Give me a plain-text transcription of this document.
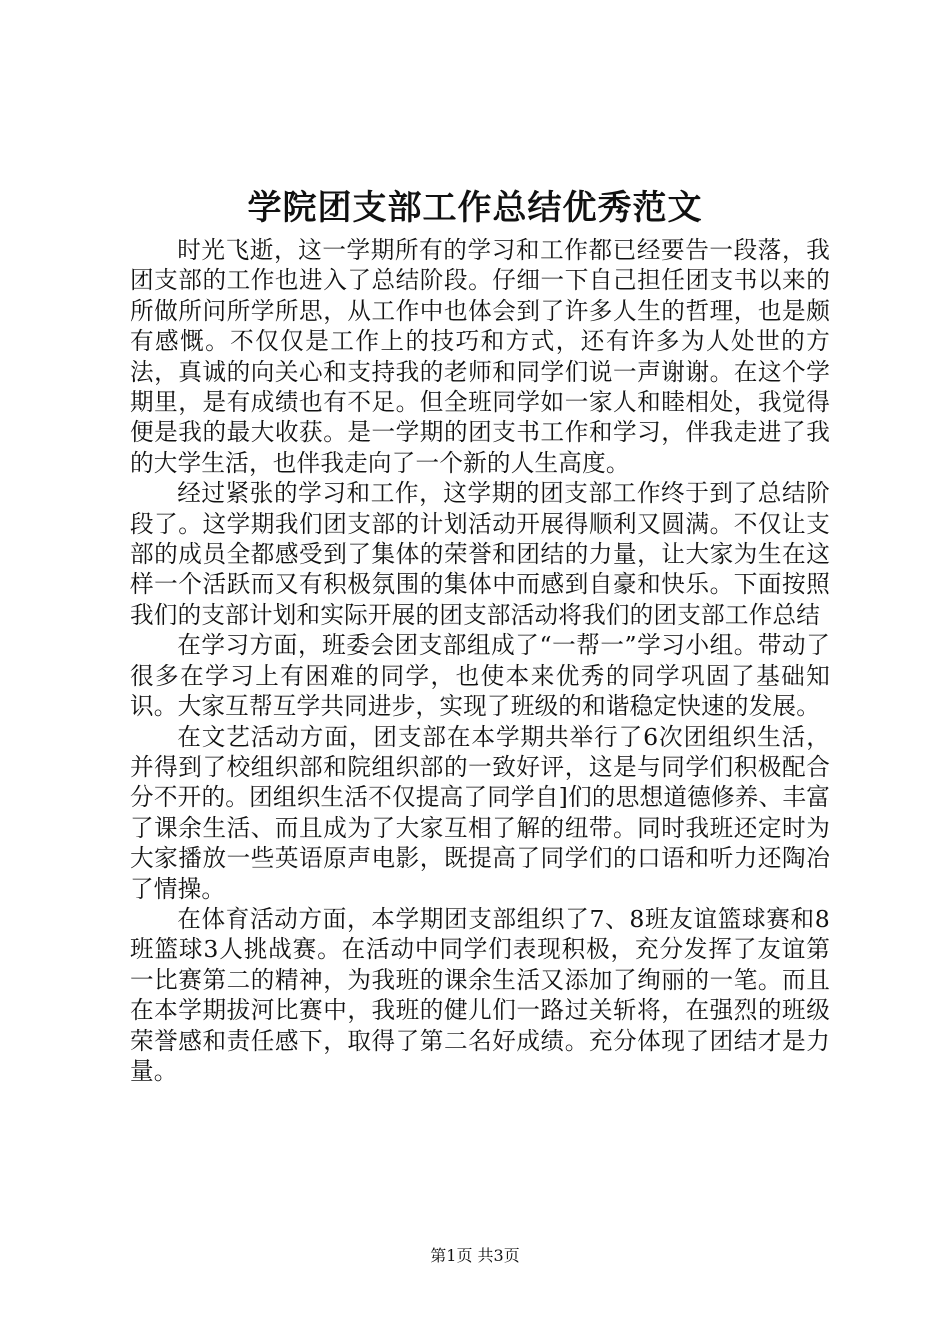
学院团支部工作总结优秀范文

时光飞逝，这一学期所有的学习和工作都已经要告一段落，我团支部的工作也进入了总结阶段。仔细一下自己担任团支书以来的所做所问所学所思，从工作中也体会到了许多人生的哲理，也是颇有感慨。不仅仅是工作上的技巧和方式，还有许多为人处世的方法，真诚的向关心和支持我的老师和同学们说一声谢谢。在这个学期里，是有成绩也有不足。但全班同学如一家人和睦相处，我觉得便是我的最大收获。是一学期的团支书工作和学习，伴我走进了我的大学生活，也伴我走向了一个新的人生高度。

经过紧张的学习和工作，这学期的团支部工作终于到了总结阶段了。这学期我们团支部的计划活动开展得顺利又圆满。不仅让支部的成员全都感受到了集体的荣誉和团结的力量，让大家为生在这样一个活跃而又有积极氛围的集体中而感到自豪和快乐。下面按照我们的支部计划和实际开展的团支部活动将我们的团支部工作总结

在学习方面，班委会团支部组成了“一帮一”学习小组。带动了很多在学习上有困难的同学，也使本来优秀的同学巩固了基础知识。大家互帮互学共同进步，实现了班级的和谐稳定快速的发展。

在文艺活动方面，团支部在本学期共举行了6次团组织生活，并得到了校组织部和院组织部的一致好评，这是与同学们积极配合分不开的。团组织生活不仅提高了同学自]们的思想道德修养、丰富了课余生活、而且成为了大家互相了解的纽带。同时我班还定时为大家播放一些英语原声电影，既提高了同学们的口语和听力还陶冶了情操。

在体育活动方面，本学期团支部组织了7、8班友谊篮球赛和8班篮球3人挑战赛。在活动中同学们表现积极，充分发挥了友谊第一比赛第二的精神，为我班的课余生活又添加了绚丽的一笔。而且在本学期拔河比赛中，我班的健儿们一路过关斩将，在强烈的班级荣誉感和责任感下，取得了第二名好成绩。充分体现了团结才是力量。

第1页 共3页
